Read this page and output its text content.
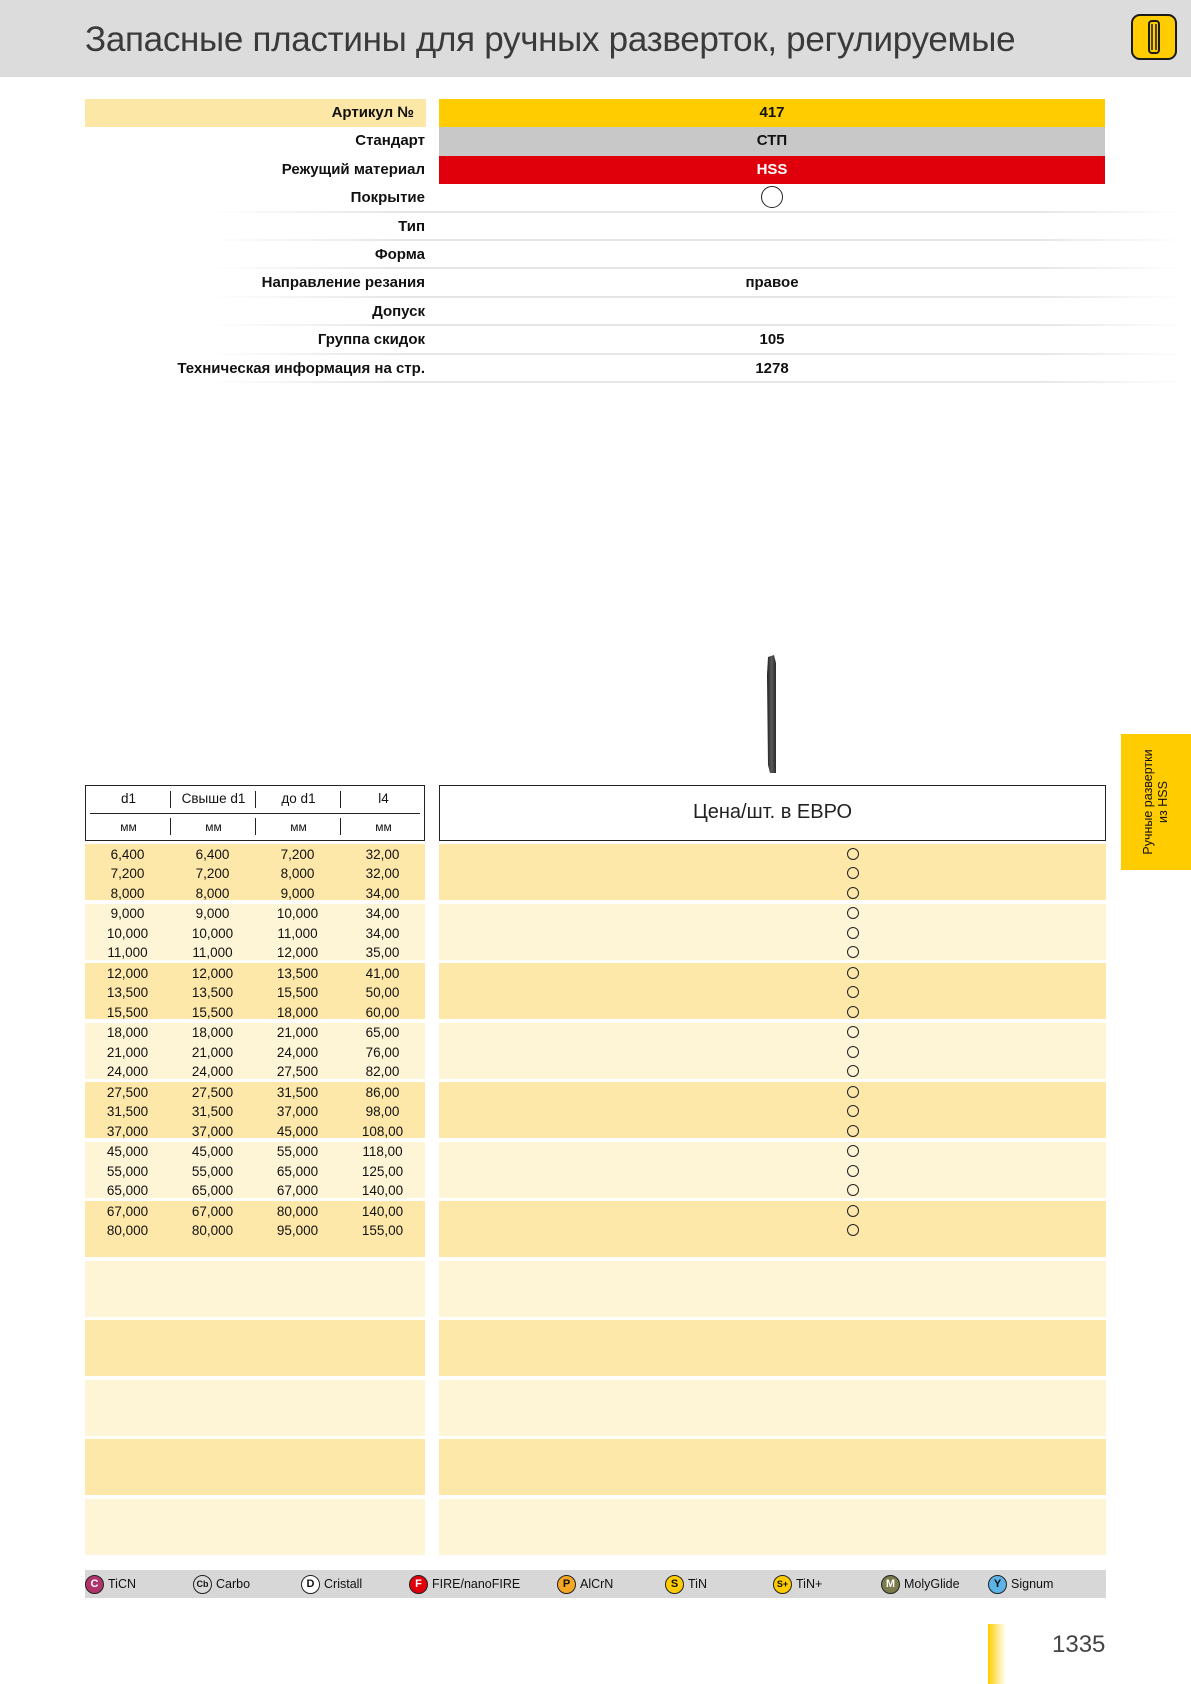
Запасные пластины для ручных разверток, регулируемые
Артикул №	417
Стандарт	СТП
Режущий материал	HSS
Покрытие
Тип
Форма
Направление резания	правое
Допуск
Группа скидок	105
Техническая информация на стр.	1278
Ручные развертки из HSS
d1	Свыше d1	до d1	l4
мм	мм	мм	мм
Цена/шт. в ЕВРО
6,400	6,400	7,200	32,00
7,200	7,200	8,000	32,00
8,000	8,000	9,000	34,00
9,000	9,000	10,000	34,00
10,000	10,000	11,000	34,00
11,000	11,000	12,000	35,00
12,000	12,000	13,500	41,00
13,500	13,500	15,500	50,00
15,500	15,500	18,000	60,00
18,000	18,000	21,000	65,00
21,000	21,000	24,000	76,00
24,000	24,000	27,500	82,00
27,500	27,500	31,500	86,00
31,500	31,500	37,000	98,00
37,000	37,000	45,000	108,00
45,000	45,000	55,000	118,00
55,000	55,000	65,000	125,00
65,000	65,000	67,000	140,00
67,000	67,000	80,000	140,00
80,000	80,000	95,000	155,00
C TiCN	Cb Carbo	D Cristall	F FIRE/nanoFIRE	P AlCrN	S TiN	S+ TiN+	M MolyGlide	Y Signum
1335
